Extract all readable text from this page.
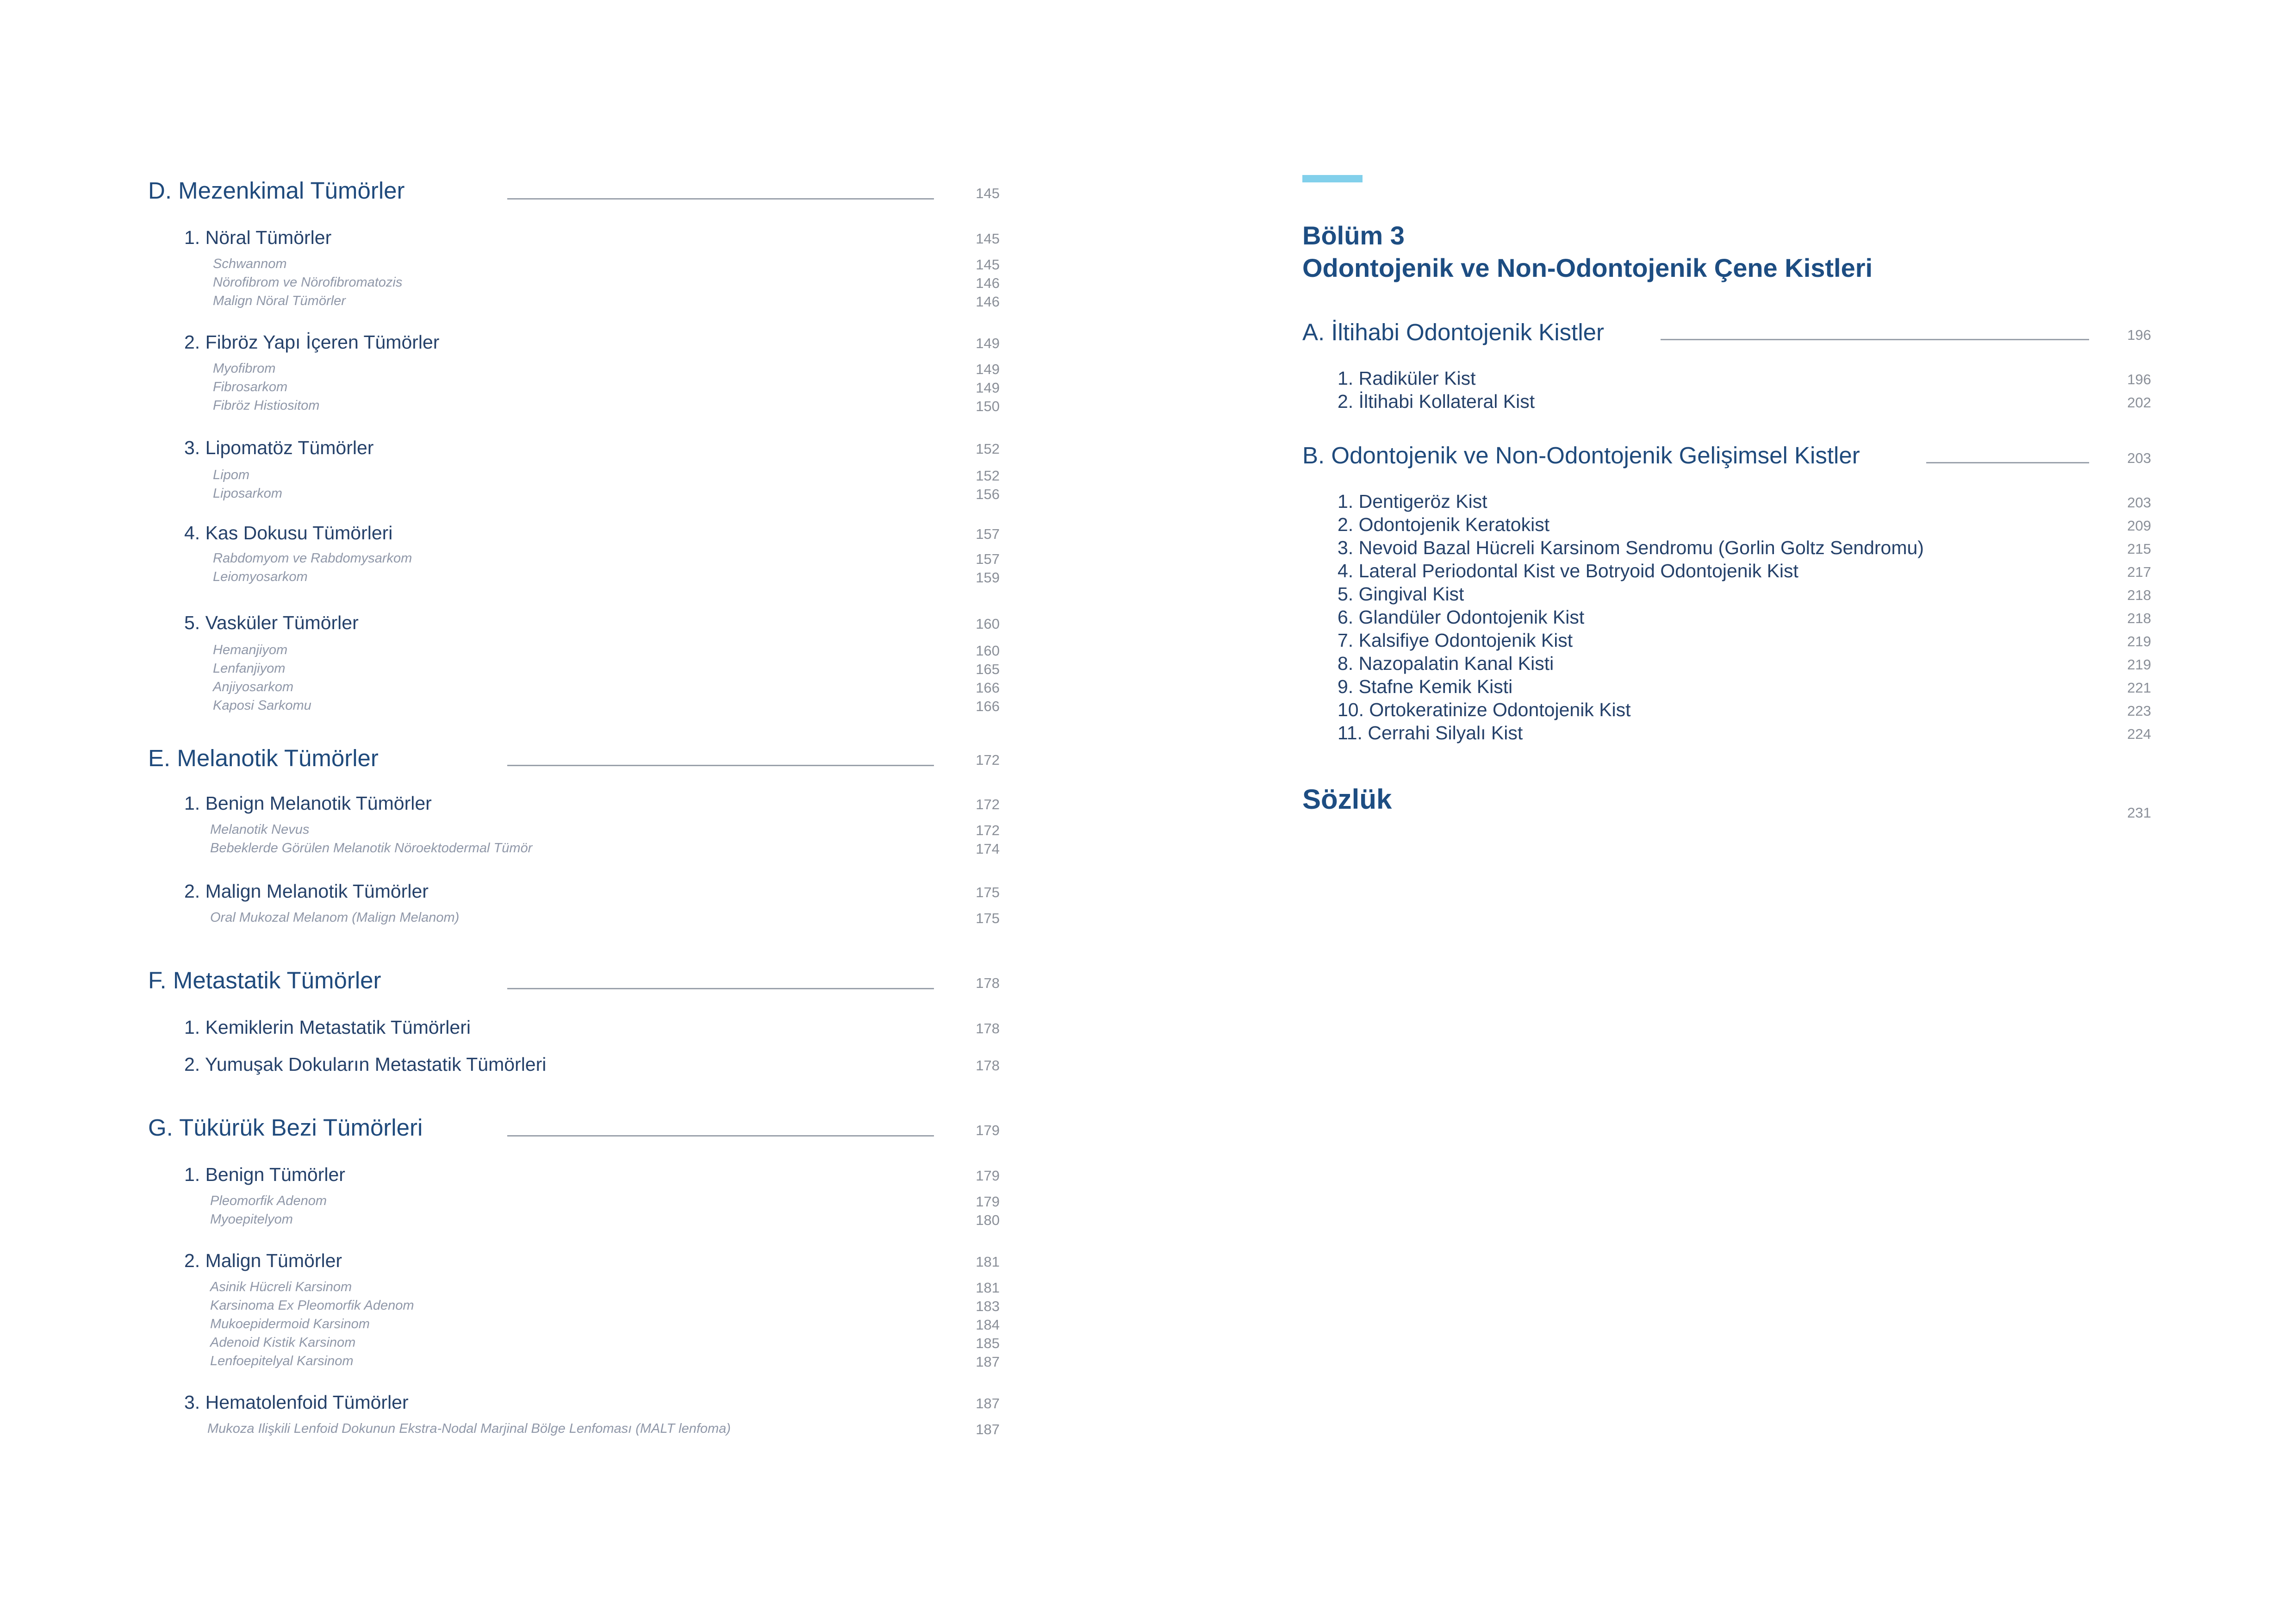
D. Mezenkimal Tümörler	145
1. Nöral Tümörler	145
Schwannom	145
Nörofibrom ve Nörofibromatozis	146
Malign Nöral Tümörler	146
2. Fibröz Yapı İçeren Tümörler	149
Myofibrom	149
Fibrosarkom	149
Fibröz Histiositom	150
3. Lipomatöz Tümörler	152
Lipom	152
Liposarkom	156
4. Kas Dokusu Tümörleri	157
Rabdomyom ve Rabdomysarkom	157
Leiomyosarkom	159
5. Vasküler Tümörler	160
Hemanjiyom	160
Lenfanjiyom	165
Anjiyosarkom	166
Kaposi Sarkomu	166
E. Melanotik Tümörler	172
1. Benign Melanotik Tümörler	172
Melanotik Nevus	172
Bebeklerde Görülen Melanotik Nöroektodermal Tümör	174
2. Malign Melanotik Tümörler	175
Oral Mukozal Melanom (Malign Melanom)	175
F. Metastatik Tümörler	178
1. Kemiklerin Metastatik Tümörleri	178
2. Yumuşak Dokuların Metastatik Tümörleri	178
G. Tükürük Bezi Tümörleri	179
1. Benign Tümörler	179
Pleomorfik Adenom	179
Myoepitelyom	180
2. Malign Tümörler	181
Asinik Hücreli Karsinom	181
Karsinoma Ex Pleomorfik Adenom	183
Mukoepidermoid Karsinom	184
Adenoid Kistik Karsinom	185
Lenfoepitelyal Karsinom	187
3. Hematolenfoid Tümörler	187
Mukoza Ilişkili Lenfoid Dokunun Ekstra-Nodal Marjinal Bölge Lenfoması (MALT lenfoma)	187
Bölüm 3
Odontojenik ve Non-Odontojenik Çene Kistleri
A. İltihabi Odontojenik Kistler	196
1. Radiküler Kist	196
2. İltihabi Kollateral Kist	202
B. Odontojenik ve Non-Odontojenik Gelişimsel Kistler	203
1. Dentigeröz Kist	203
2. Odontojenik Keratokist	209
3. Nevoid Bazal Hücreli Karsinom Sendromu (Gorlin Goltz Sendromu)	215
4. Lateral Periodontal Kist ve Botryoid Odontojenik Kist	217
5. Gingival Kist	218
6. Glandüler Odontojenik Kist	218
7. Kalsifiye Odontojenik Kist	219
8. Nazopalatin Kanal Kisti	219
9. Stafne Kemik Kisti	221
10. Ortokeratinize Odontojenik Kist	223
11. Cerrahi Silyalı Kist	224
Sözlük	231
